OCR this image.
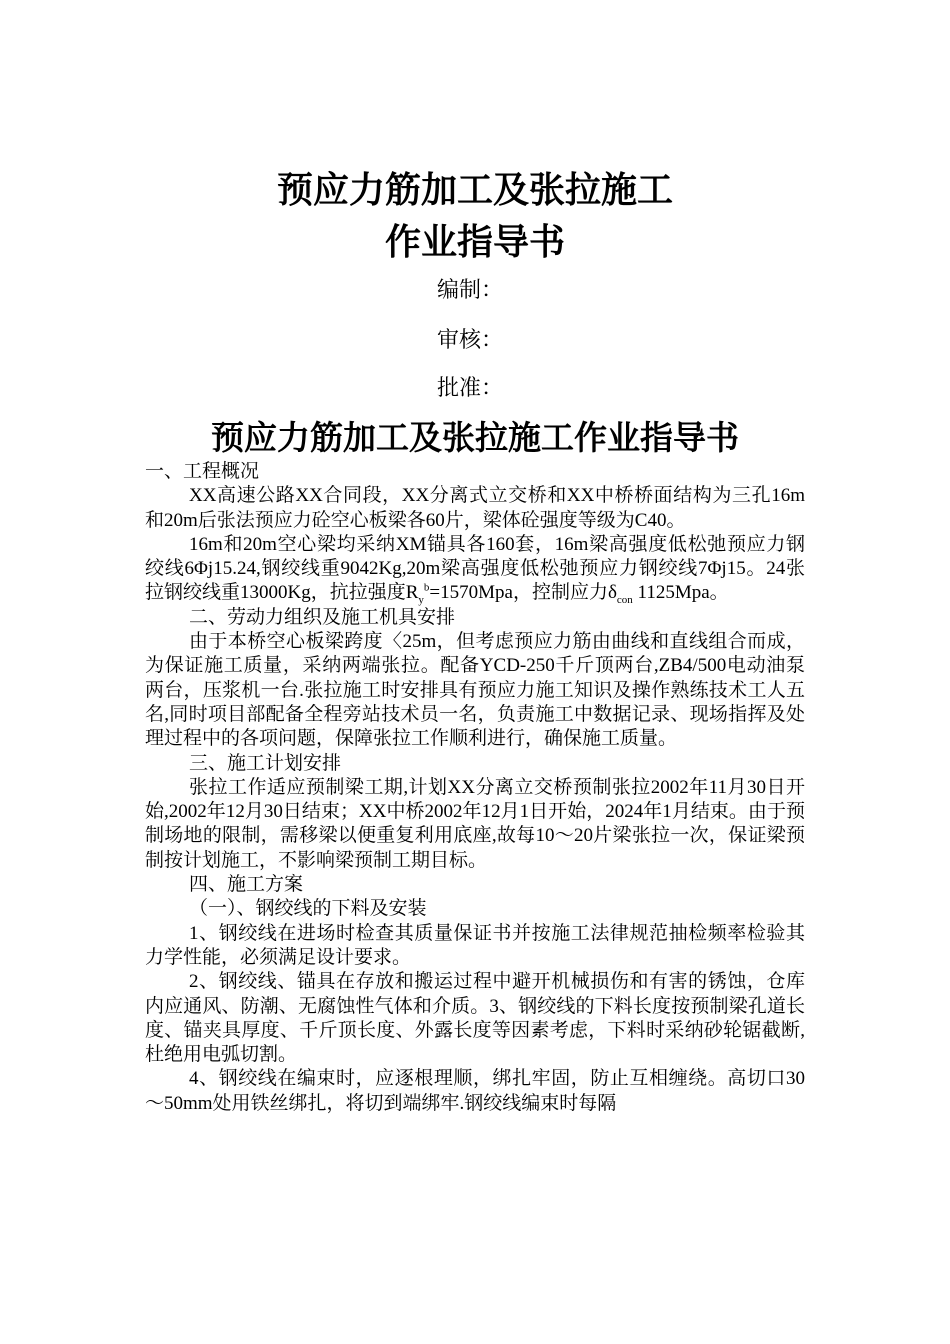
预应力筋加工及张拉施工
作业指导书
编制：
审核：
批准：
预应力筋加工及张拉施工作业指导书

一、工程概况

XX高速公路XX合同段，XX分离式立交桥和XX中桥桥面结构为三孔16m和20m后张法预应力砼空心板梁各60片，梁体砼强度等级为C40。

16m和20m空心梁均采纳XM锚具各160套，16m梁高强度低松弛预应力钢绞线6Φj15.24,钢绞线重9042Kg,20m梁高强度低松弛预应力钢绞线7Φj15。24张拉钢绞线重13000Kg，抗拉强度$R_y^b=1570Mpa$，控制应力$\delta_{con}$ 1125Mpa。

二、劳动力组织及施工机具安排

由于本桥空心板梁跨度〈25m，但考虑预应力筋由曲线和直线组合而成，为保证施工质量，采纳两端张拉。配备YCD-250千斤顶两台,ZB4/500电动油泵两台，压浆机一台.张拉施工时安排具有预应力施工知识及操作熟练技术工人五名,同时项目部配备全程旁站技术员一名，负责施工中数据记录、现场指挥及处理过程中的各项问题，保障张拉工作顺利进行，确保施工质量。

三、施工计划安排

张拉工作适应预制梁工期,计划XX分离立交桥预制张拉2002年11月30日开始,2002年12月30日结束；XX中桥2002年12月1日开始，2024年1月结束。由于预制场地的限制，需移梁以便重复利用底座,故每10～20片梁张拉一次，保证梁预制按计划施工，不影响梁预制工期目标。

四、施工方案

（一）、钢绞线的下料及安装

1、钢绞线在进场时检查其质量保证书并按施工法律规范抽检频率检验其力学性能，必须满足设计要求。

2、钢绞线、锚具在存放和搬运过程中避开机械损伤和有害的锈蚀，仓库内应通风、防潮、无腐蚀性气体和介质。3、钢绞线的下料长度按预制梁孔道长度、锚夹具厚度、千斤顶长度、外露长度等因素考虑，下料时采纳砂轮锯截断,杜绝用电弧切割。

4、钢绞线在编束时，应逐根理顺，绑扎牢固，防止互相缠绕。高切口30～50mm处用铁丝绑扎，将切到端绑牢.钢绞线编束时每隔
